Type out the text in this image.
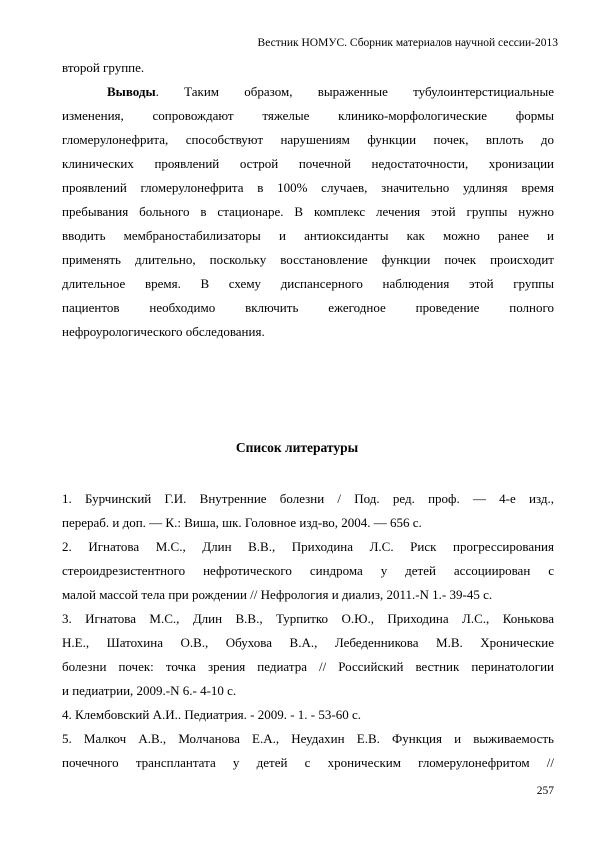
Вестник НОМУС. Сборник материалов научной сессии-2013
второй группе.
Выводы. Таким образом, выраженные тубулоинтерстициальные
изменения, сопровождают тяжелые клинико-морфологические формы
гломерулонефрита, способствуют нарушениям функции почек, вплоть до
клинических проявлений острой почечной недостаточности, хронизации
проявлений гломерулонефрита в 100% случаев, значительно удлиняя время
пребывания больного в стационаре. В комплекс лечения этой группы нужно
вводить мембраностабилизаторы и антиоксиданты как можно ранее и
применять длительно, поскольку восстановление функции почек происходит
длительное время. В схему диспансерного наблюдения этой группы
пациентов необходимо включить ежегодное проведение полного
нефроурологического обследования.
Список литературы
1. Бурчинский Г.И. Внутренние болезни / Под. ред. проф. — 4-е изд.,
перераб. и доп. — К.: Виша, шк. Головное изд-во, 2004. — 656 с.
2. Игнатова М.С., Длин В.В., Приходина Л.С. Риск прогрессирования
стероидрезистентного нефротического синдрома у детей ассоциирован с
малой массой тела при рождении // Нефрология и диализ, 2011.-N 1.- 39-45 с.
3. Игнатова М.С., Длин В.В., Турпитко О.Ю., Приходина Л.С., Конькова
Н.Е., Шатохина О.В., Обухова В.А., Лебеденникова М.В. Хронические
болезни почек: точка зрения педиатра // Российский вестник перинатологии
и педиатрии, 2009.-N 6.- 4-10 с.
4. Клембовский А.И.. Педиатрия. - 2009. - 1. - 53-60 с.
5. Малкоч А.В., Молчанова Е.А., Неудахин Е.В. Функция и выживаемость
почечного трансплантата у детей с хроническим гломерулонефритом //
257
